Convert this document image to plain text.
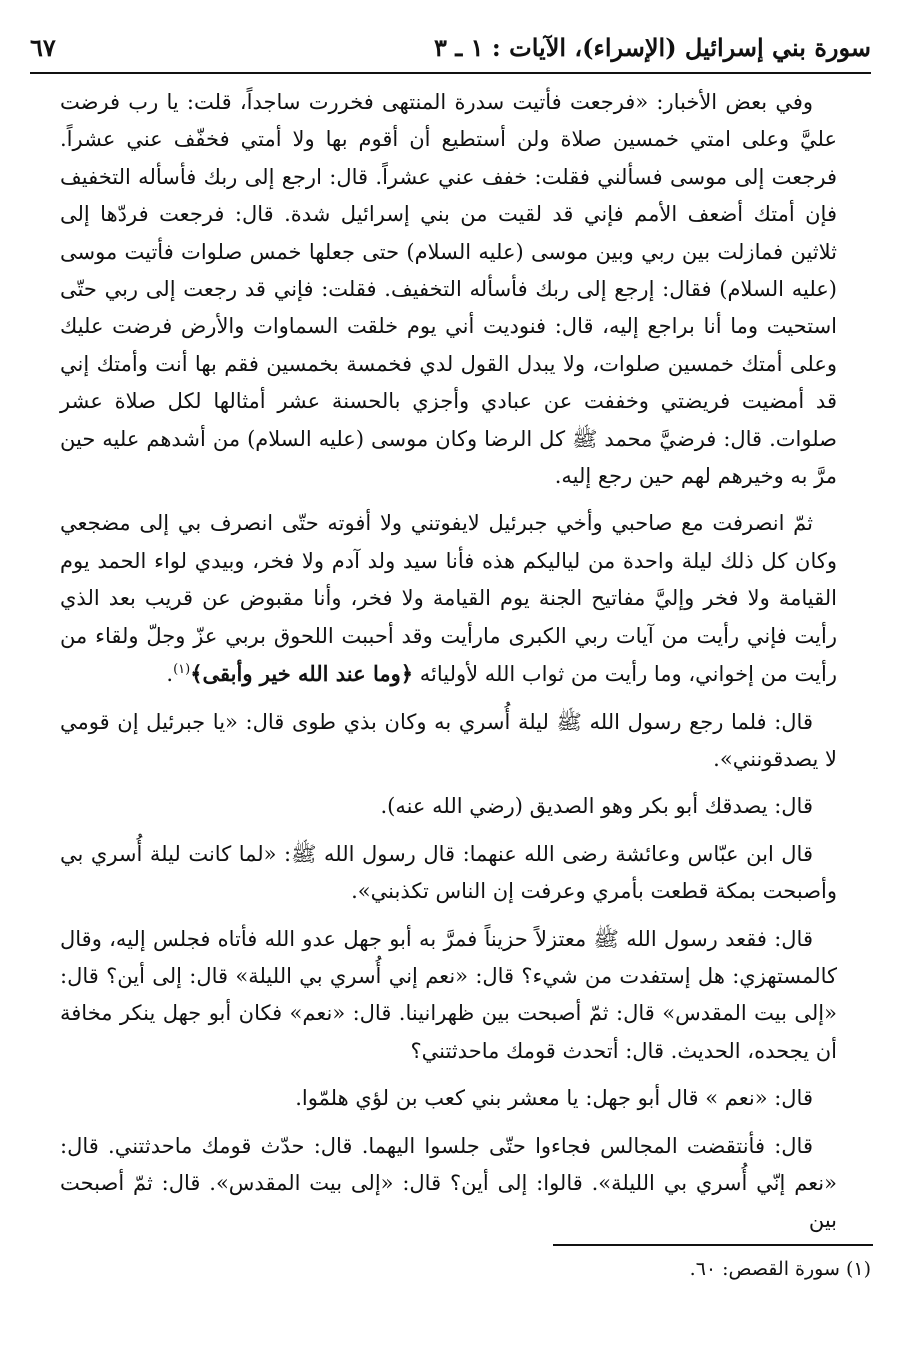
سورة بني إسرائيل (الإسراء)، الآيات : ١ ـ ٣
٦٧

وفي بعض الأخبار: «فرجعت فأتيت سدرة المنتهى فخررت ساجداً، قلت: يا رب فرضت عليَّ وعلى امتي خمسين صلاة ولن أستطيع أن أقوم بها ولا أمتي فخفّف عني عشراً. فرجعت إلى موسى فسألني فقلت: خفف عني عشراً. قال: ارجع إلى ربك فأسأله التخفيف فإن أمتك أضعف الأمم فإني قد لقيت من بني إسرائيل شدة. قال: فرجعت فردّها إلى ثلاثين فمازلت بين ربي وبين موسى (عليه السلام) حتى جعلها خمس صلوات فأتيت موسى (عليه السلام) فقال: إرجع إلى ربك فأسأله التخفيف. فقلت: فإني قد رجعت إلى ربي حتّى استحيت وما أنا براجع إليه، قال: فنوديت أني يوم خلقت السماوات والأرض فرضت عليك وعلى أمتك خمسين صلوات، ولا يبدل القول لدي فخمسة بخمسين فقم بها أنت وأمتك إني قد أمضيت فريضتي وخففت عن عبادي وأجزي بالحسنة عشر أمثالها لكل صلاة عشر صلوات. قال: فرضيَّ محمد ﷺ كل الرضا وكان موسى (عليه السلام) من أشدهم عليه حين مرَّ به وخيرهم لهم حين رجع إليه.

ثمّ انصرفت مع صاحبي وأخي جبرئيل لايفوتني ولا أفوته حتّى انصرف بي إلى مضجعي وكان كل ذلك ليلة واحدة من لياليكم هذه فأنا سيد ولد آدم ولا فخر، وبيدي لواء الحمد يوم القيامة ولا فخر وإليَّ مفاتيح الجنة يوم القيامة ولا فخر، وأنا مقبوض عن قريب بعد الذي رأيت فإني رأيت من آيات ربي الكبرى مارأيت وقد أحببت اللحوق بربي عزّ وجلّ ولقاء من رأيت من إخواني، وما رأيت من ثواب الله لأوليائه ﴿وما عند الله خير وأبقى﴾$^{(١)}$.

قال: فلما رجع رسول الله ﷺ ليلة أُسري به وكان بذي طوى قال: «يا جبرئيل إن قومي لا يصدقونني».

قال: يصدقك أبو بكر وهو الصديق (رضي الله عنه).

قال ابن عبّاس وعائشة رضى الله عنهما: قال رسول الله ﷺ: «لما كانت ليلة أُسري بي وأصبحت بمكة قطعت بأمري وعرفت إن الناس تكذبني».

قال: فقعد رسول الله ﷺ معتزلاً حزيناً فمرَّ به أبو جهل عدو الله فأتاه فجلس إليه، وقال كالمستهزي: هل إستفدت من شيء؟ قال: «نعم إني أُسري بي الليلة» قال: إلى أين؟ قال: «إلى بيت المقدس» قال: ثمّ أصبحت بين ظهرانينا. قال: «نعم» فكان أبو جهل ينكر مخافة أن يجحده، الحديث. قال: أتحدث قومك ماحدثتني؟

قال: «نعم » قال أبو جهل: يا معشر بني كعب بن لؤي هلمّوا.

قال: فأنتقضت المجالس فجاءوا حتّى جلسوا اليهما. قال: حدّث قومك ماحدثتني. قال: «نعم إنّي أُسري بي الليلة». قالوا: إلى أين؟ قال: «إلى بيت المقدس». قال: ثمّ أصبحت بين

(١) سورة القصص: ٦٠.
